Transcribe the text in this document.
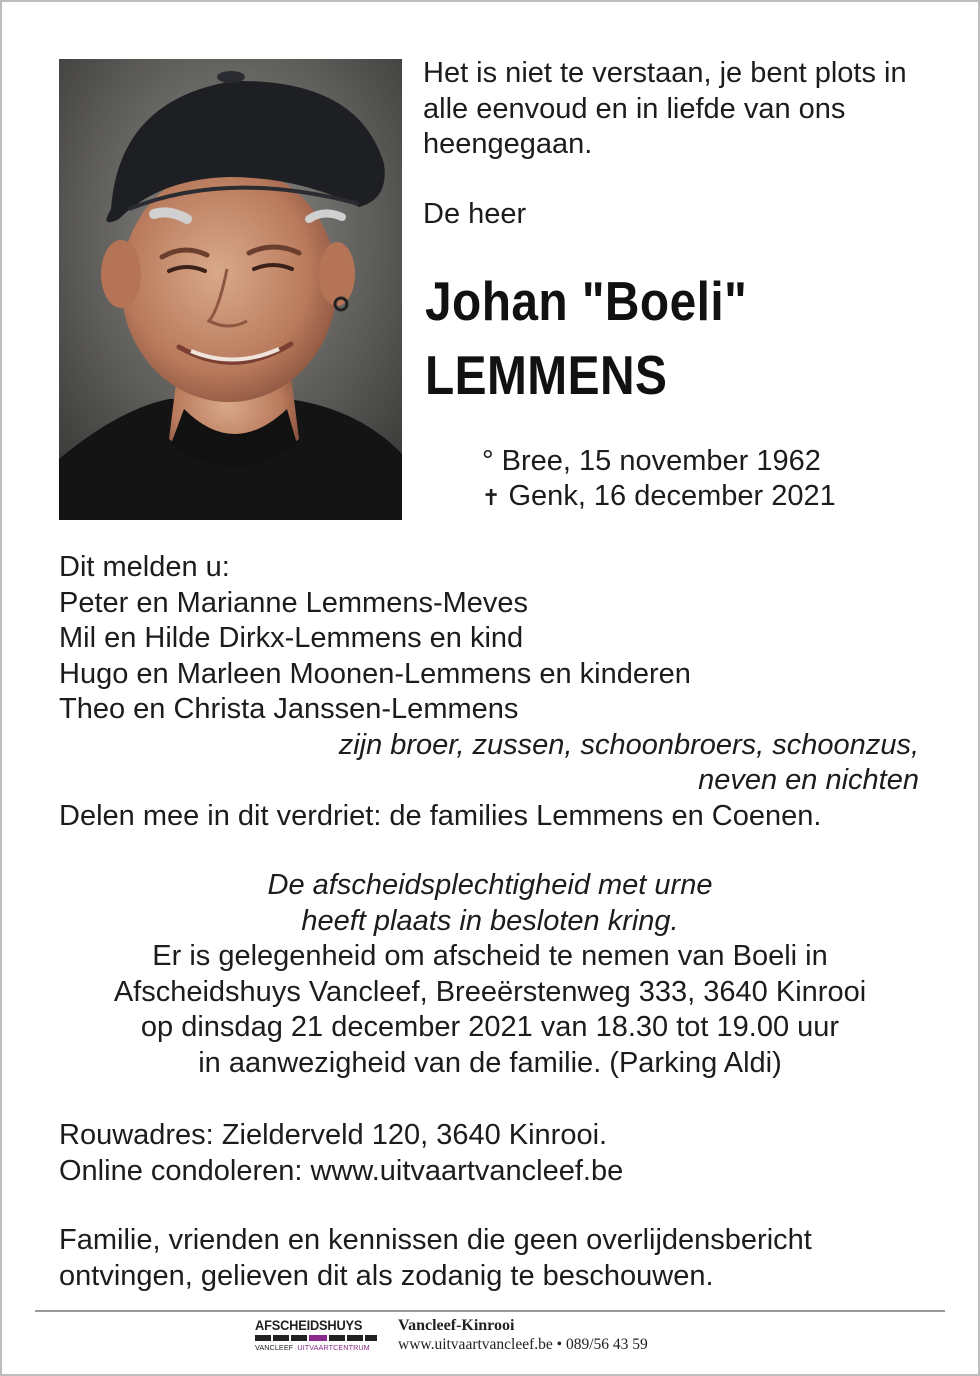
Het is niet te verstaan, je bent plots in alle eenvoud en in liefde van ons heengegaan.

De heer

Johan "Boeli"
LEMMENS
° Bree, 15 november 1962
✝ Genk, 16 december 2021
Dit melden u:
Peter en Marianne Lemmens-Meves
Mil en Hilde Dirkx-Lemmens en kind
Hugo en Marleen Moonen-Lemmens en kinderen
Theo en Christa Janssen-Lemmens
zijn broer, zussen, schoonbroers, schoonzus,
neven en nichten
Delen mee in dit verdriet: de families Lemmens en Coenen.
De afscheidsplechtigheid met urne
heeft plaats in besloten kring.
Er is gelegenheid om afscheid te nemen van Boeli in
Afscheidshuys Vancleef, Breeërstenweg 333, 3640 Kinrooi
op dinsdag 21 december 2021 van 18.30 tot 19.00 uur
in aanwezigheid van de familie. (Parking Aldi)
Rouwadres: Zielderveld 120, 3640 Kinrooi.
Online condoleren: www.uitvaartvancleef.be
Familie, vrienden en kennissen die geen overlijdensbericht
ontvingen, gelieven dit als zodanig te beschouwen.
AFSCHEIDSHUYS
VANCLEEF UITVAARTCENTRUM
Vancleef-Kinrooi
www.uitvaartvancleef.be • 089/56 43 59
